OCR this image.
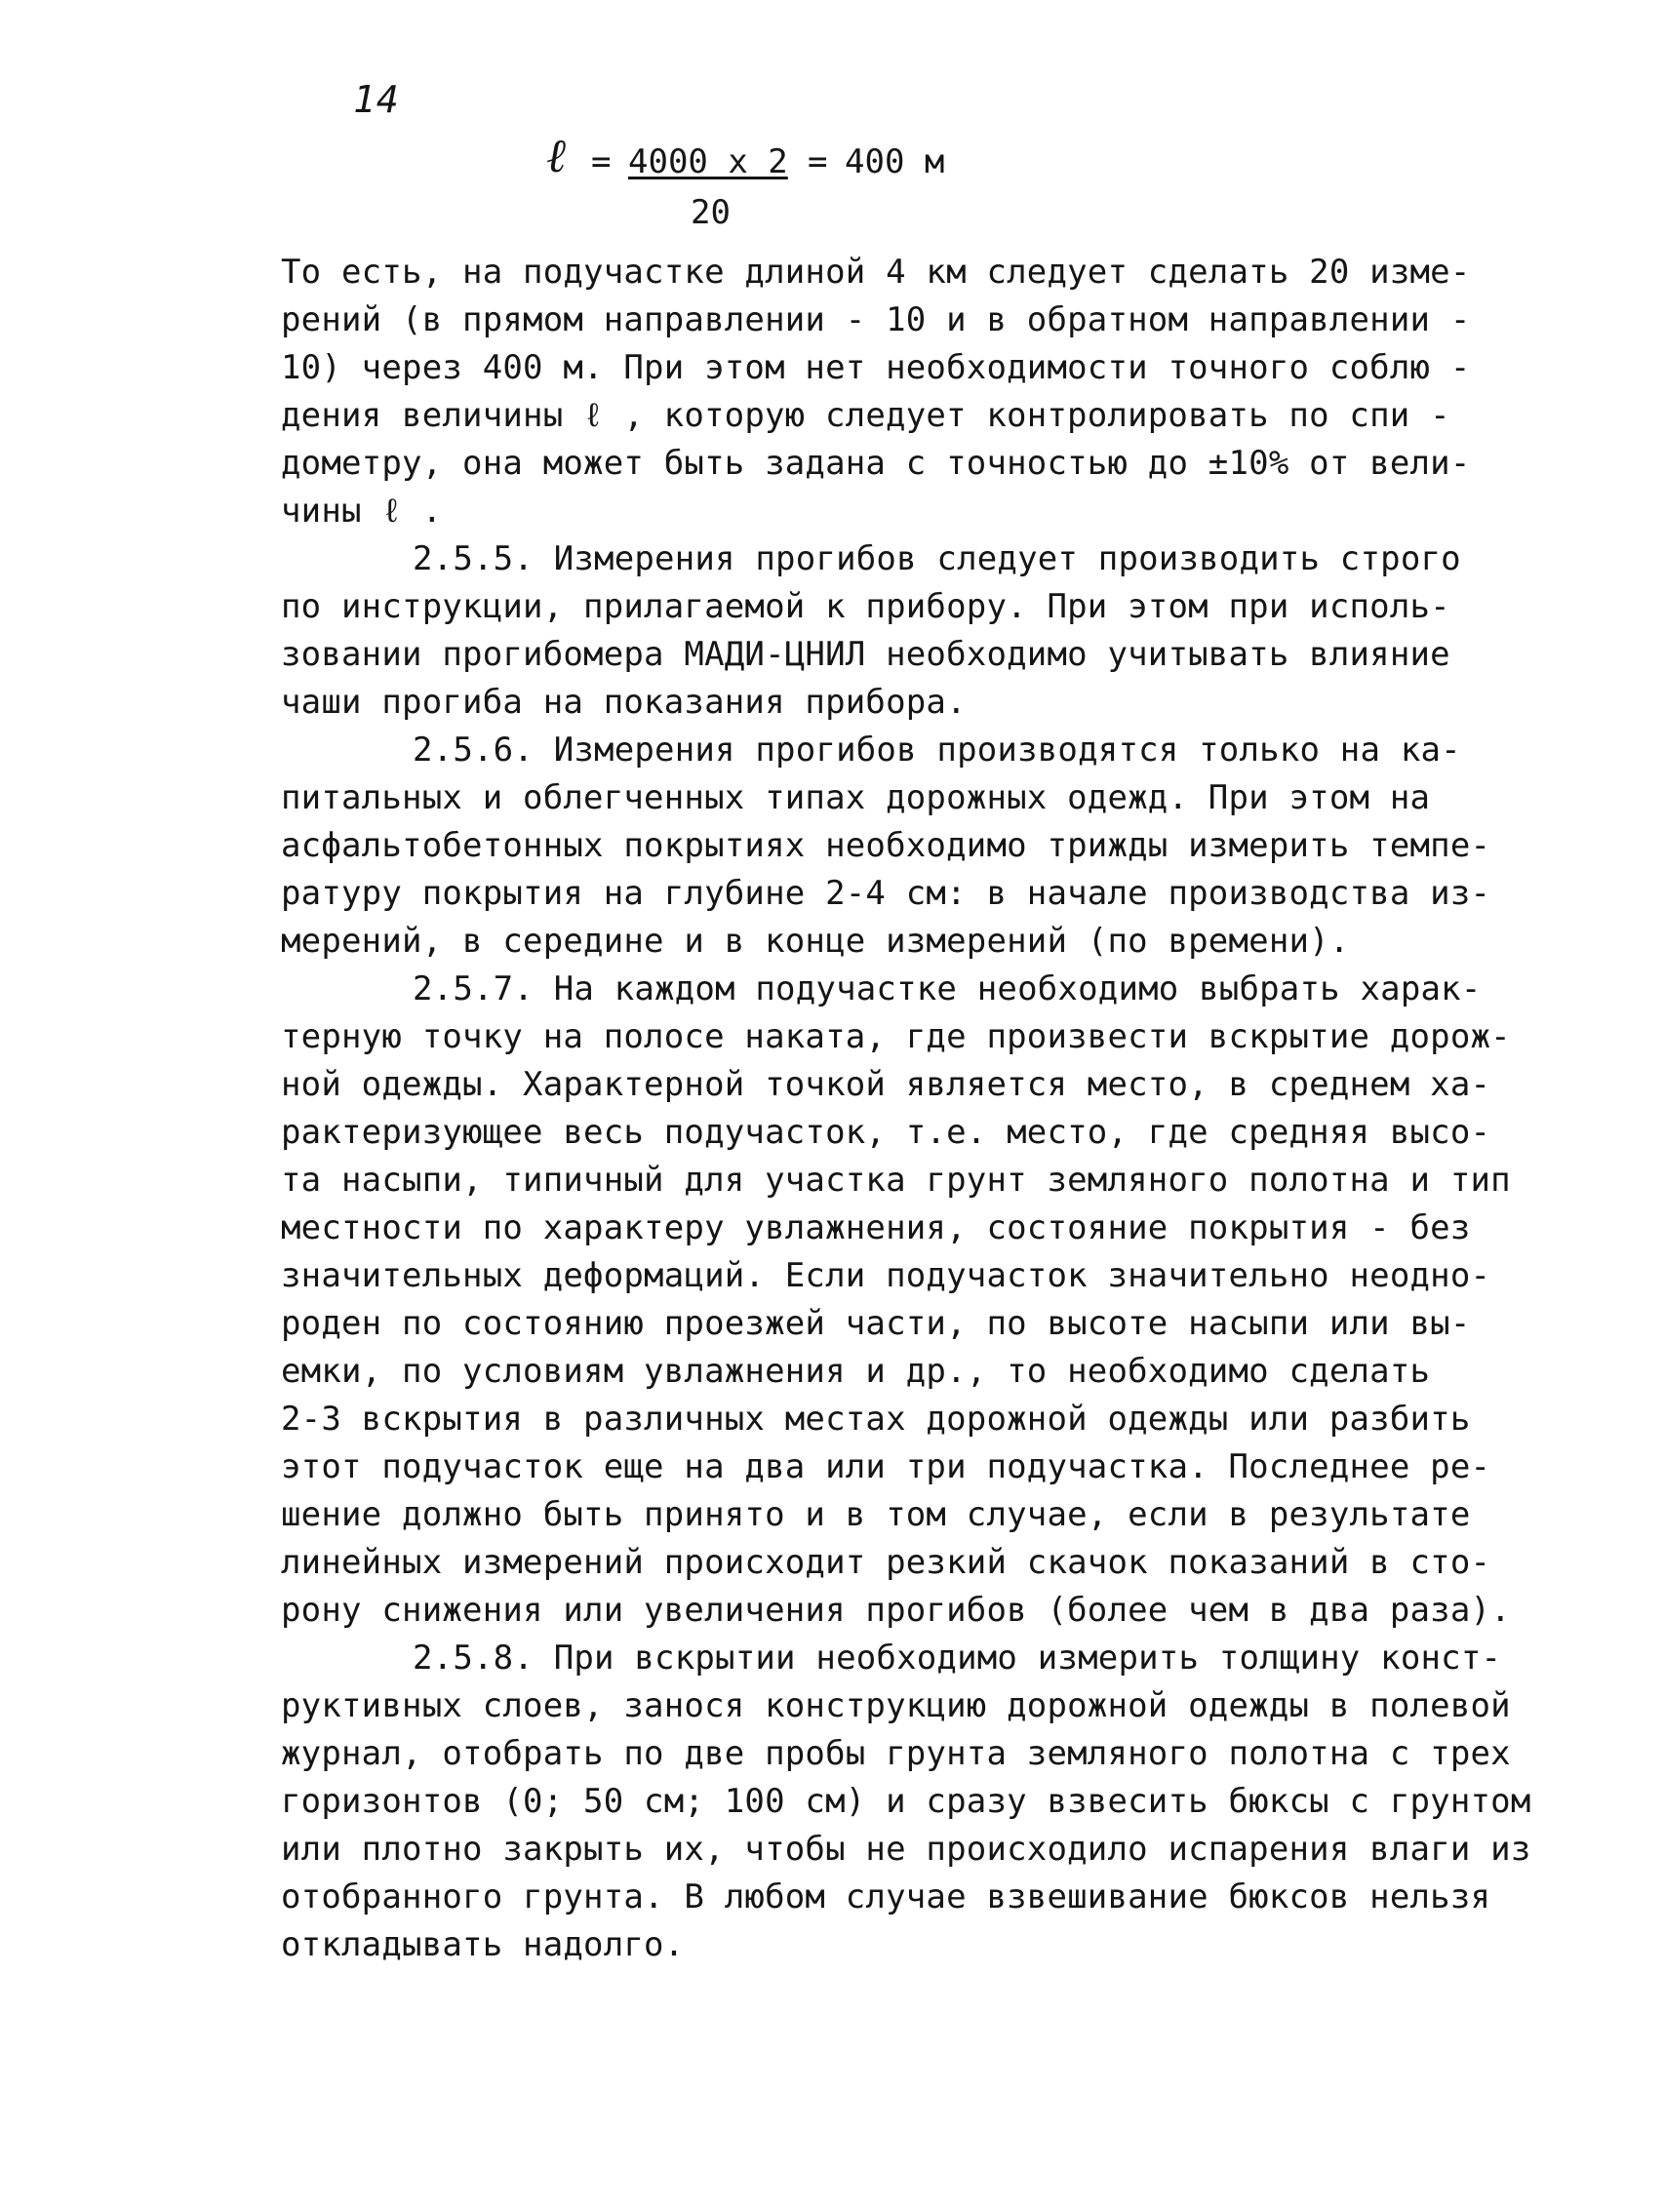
14
ℓ = 4000 x 2 = 400 м
20
То есть, на подучастке длиной 4 км следует сделать 20 изме-
рений (в прямом направлении - 10 и в обратном направлении -
10) через 400 м. При этом нет необходимости точного соблю -
дения величины ℓ , которую следует контролировать по спи -
дометру, она может быть задана с точностью до ±10% от вели-
чины ℓ .
2.5.5. Измерения прогибов следует производить строго
по инструкции, прилагаемой к прибору. При этом при исполь-
зовании прогибомера МАДИ-ЦНИЛ необходимо учитывать влияние
чаши прогиба на показания прибора.
2.5.6. Измерения прогибов производятся только на ка-
питальных и облегченных типах дорожных одежд. При этом на
асфальтобетонных покрытиях необходимо трижды измерить темпе-
ратуру покрытия на глубине 2-4 см: в начале производства из-
мерений, в середине и в конце измерений (по времени).
2.5.7. На каждом подучастке необходимо выбрать харак-
терную точку на полосе наката, где произвести вскрытие дорож-
ной одежды. Характерной точкой является место, в среднем ха-
рактеризующее весь подучасток, т.е. место, где средняя высо-
та насыпи, типичный для участка грунт земляного полотна и тип
местности по характеру увлажнения, состояние покрытия - без
значительных деформаций. Если подучасток значительно неодно-
роден по состоянию проезжей части, по высоте насыпи или вы-
емки, по условиям увлажнения и др., то необходимо сделать
2-3 вскрытия в различных местах дорожной одежды или разбить
этот подучасток еще на два или три подучастка. Последнее ре-
шение должно быть принято и в том случае, если в результате
линейных измерений происходит резкий скачок показаний в сто-
рону снижения или увеличения прогибов (более чем в два раза).
2.5.8. При вскрытии необходимо измерить толщину конст-
руктивных слоев, занося конструкцию дорожной одежды в полевой
журнал, отобрать по две пробы грунта земляного полотна с трех
горизонтов (0; 50 см; 100 см) и сразу взвесить бюксы с грунтом
или плотно закрыть их, чтобы не происходило испарения влаги из
отобранного грунта. В любом случае взвешивание бюксов нельзя
откладывать надолго.
